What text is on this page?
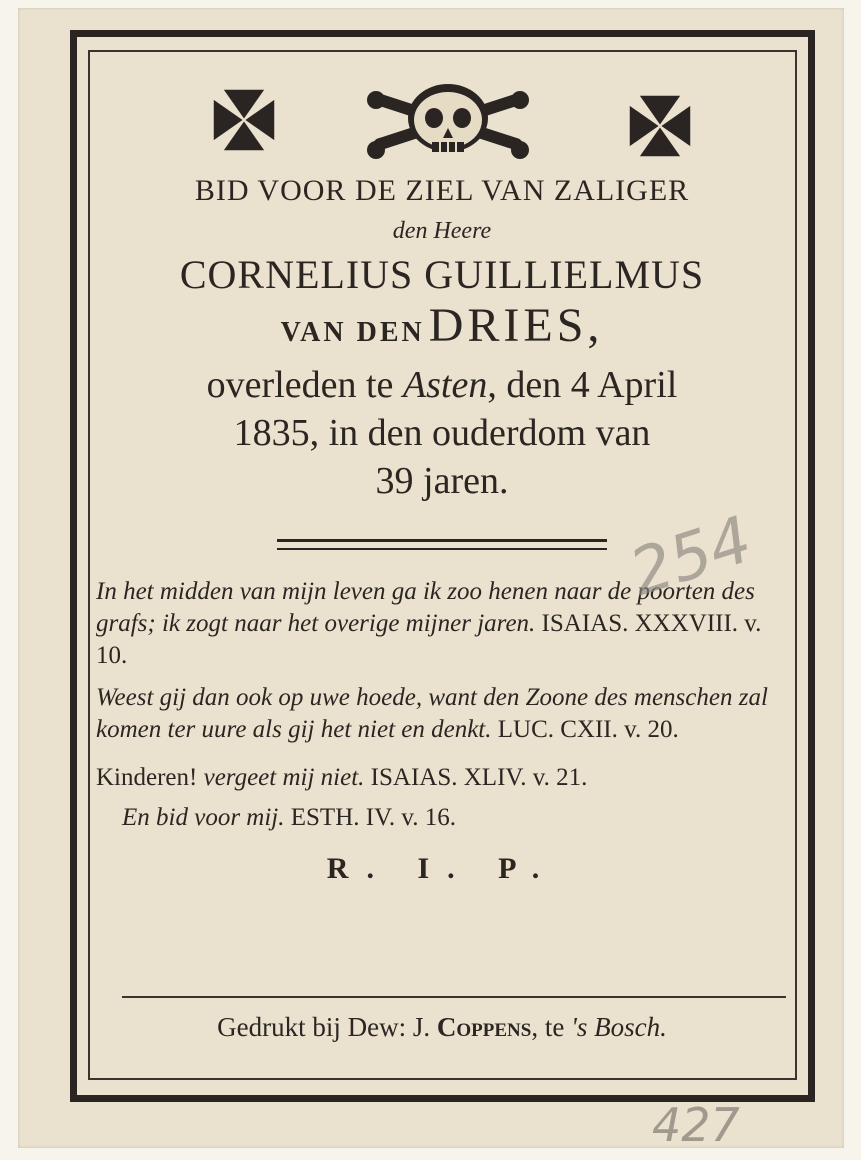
BID VOOR DE ZIEL VAN ZALIGER
den Heere
CORNELIUS GUILLIELMUS
VAN DEN DRIES,
overleden te Asten, den 4 April
1835, in den ouderdom van
39 jaren.
In het midden van mijn leven ga ik zoo henen naar de poorten des grafs; ik zogt naar het overige mijner jaren. ISAIAS. XXXVIII. v. 10.
Weest gij dan ook op uwe hoede, want den Zoone des menschen zal komen ter uure als gij het niet en denkt. LUC. CXII. v. 20.
Kinderen! vergeet mij niet. ISAIAS. XLIV. v. 21.
En bid voor mij. ESTH. IV. v. 16.
R. I. P.
Gedrukt bij Dew: J. Coppens, te 's Bosch.
254
427
